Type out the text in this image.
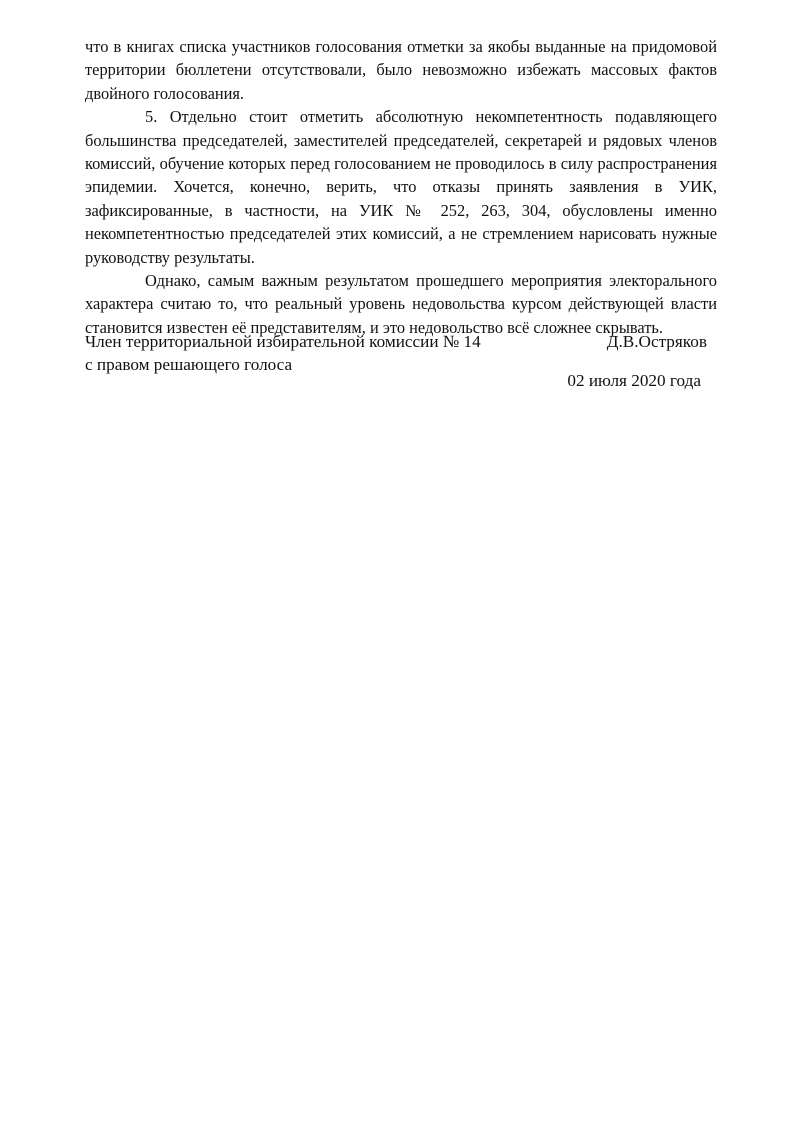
что в книгах списка участников голосования отметки за якобы выданные на придомовой территории бюллетени отсутствовали, было невозможно избежать массовых фактов двойного голосования.

5. Отдельно стоит отметить абсолютную некомпетентность подавляющего большинства председателей, заместителей председателей, секретарей и рядовых членов комиссий, обучение которых перед голосованием не проводилось в силу распространения эпидемии. Хочется, конечно, верить, что отказы принять заявления в УИК, зафиксированные, в частности, на УИК № 252, 263, 304, обусловлены именно некомпетентностью председателей этих комиссий, а не стремлением нарисовать нужные руководству результаты.

Однако, самым важным результатом прошедшего мероприятия электорального характера считаю то, что реальный уровень недовольства курсом действующей власти становится известен её представителям, и это недовольство всё сложнее скрывать.

Член территориальной избирательной комиссии № 14	Д.В.Остряков
с правом решающего голоса
02 июля 2020 года
